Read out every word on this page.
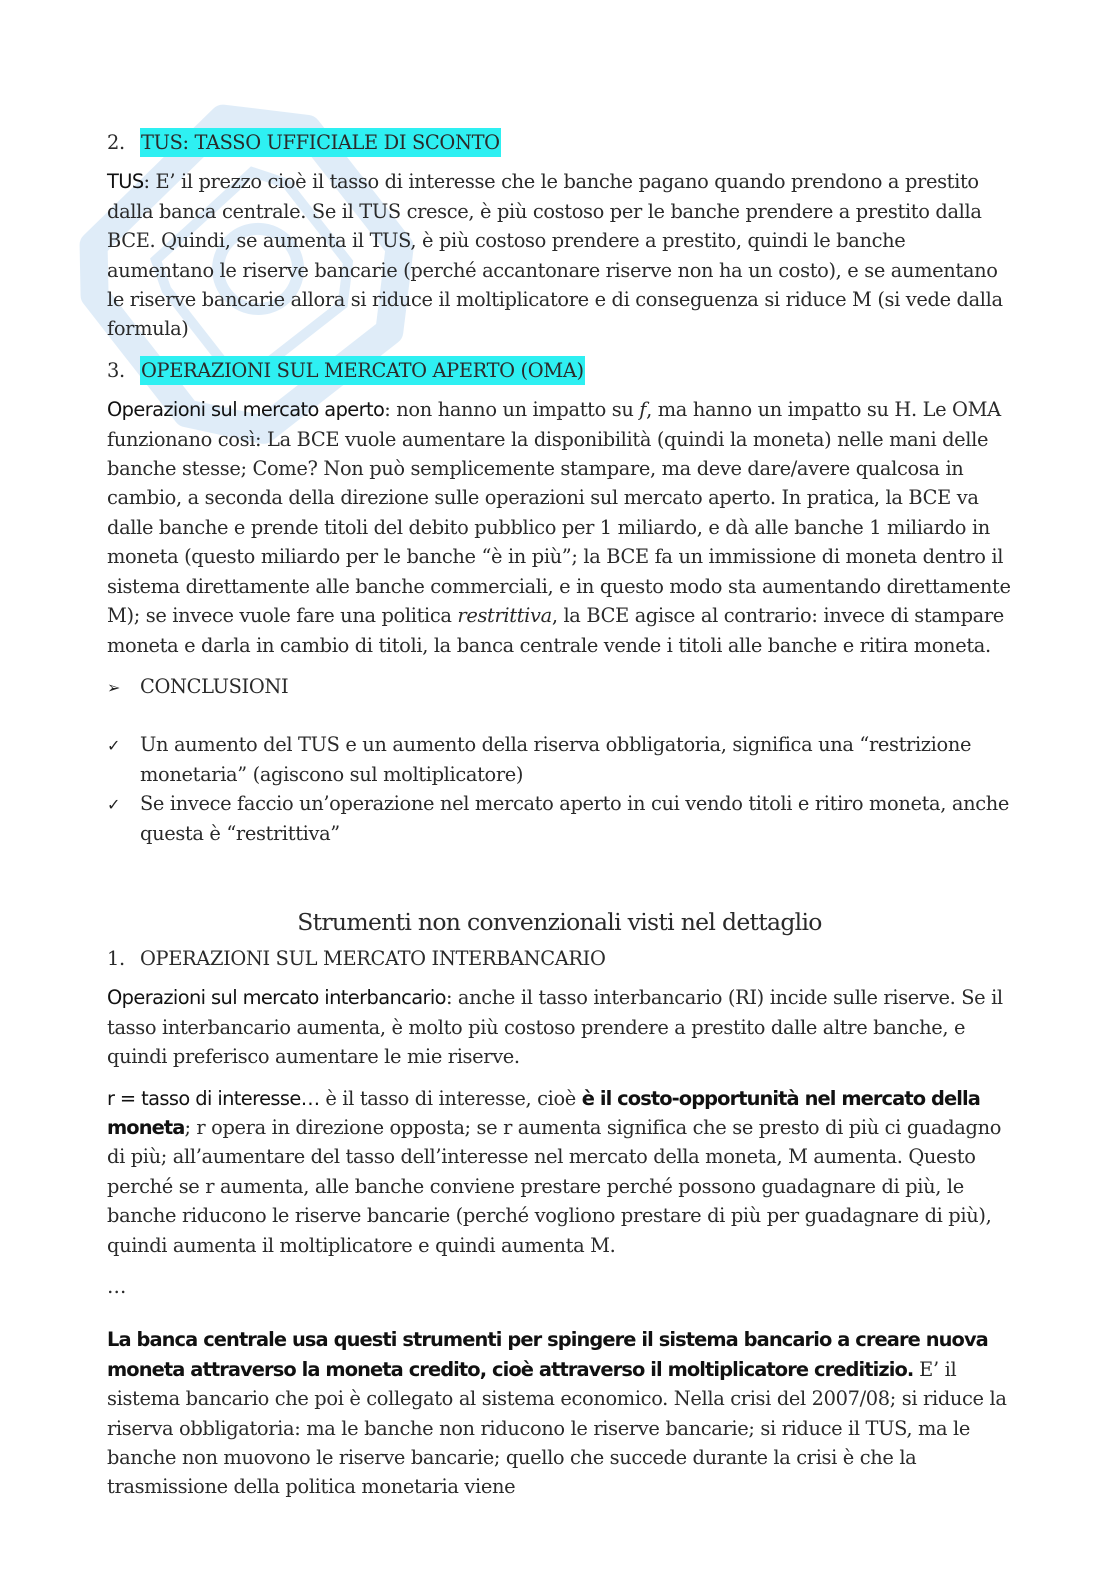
2. TUS: TASSO UFFICIALE DI SCONTO

TUS: E’ il prezzo cioè il tasso di interesse che le banche pagano quando prendono a prestito dalla banca centrale. Se il TUS cresce, è più costoso per le banche prendere a prestito dalla BCE. Quindi, se aumenta il TUS, è più costoso prendere a prestito, quindi le banche aumentano le riserve bancarie (perché accantonare riserve non ha un costo), e se aumentano le riserve bancarie allora si riduce il moltiplicatore e di conseguenza si riduce M (si vede dalla formula)

3. OPERAZIONI SUL MERCATO APERTO (OMA)

Operazioni sul mercato aperto: non hanno un impatto su f, ma hanno un impatto su H. Le OMA funzionano così: La BCE vuole aumentare la disponibilità (quindi la moneta) nelle mani delle banche stesse; Come? Non può semplicemente stampare, ma deve dare/avere qualcosa in cambio, a seconda della direzione sulle operazioni sul mercato aperto. In pratica, la BCE va dalle banche e prende titoli del debito pubblico per 1 miliardo, e dà alle banche 1 miliardo in moneta (questo miliardo per le banche “è in più”; la BCE fa un immissione di moneta dentro il sistema direttamente alle banche commerciali, e in questo modo sta aumentando direttamente M); se invece vuole fare una politica restrittiva, la BCE agisce al contrario: invece di stampare moneta e darla in cambio di titoli, la banca centrale vende i titoli alle banche e ritira moneta.

➢	CONCLUSIONI
✓	Un aumento del TUS e un aumento della riserva obbligatoria, significa una “restrizione monetaria” (agiscono sul moltiplicatore)
✓	Se invece faccio un’operazione nel mercato aperto in cui vendo titoli e ritiro moneta, anche questa è “restrittiva”

Strumenti non convenzionali visti nel dettaglio

1. OPERAZIONI SUL MERCATO INTERBANCARIO

Operazioni sul mercato interbancario: anche il tasso interbancario (RI) incide sulle riserve. Se il tasso interbancario aumenta, è molto più costoso prendere a prestito dalle altre banche, e quindi preferisco aumentare le mie riserve.

r = tasso di interesse… è il tasso di interesse, cioè è il costo-opportunità nel mercato della moneta; r opera in direzione opposta; se r aumenta significa che se presto di più ci guadagno di più; all’aumentare del tasso dell’interesse nel mercato della moneta, M aumenta. Questo perché se r aumenta, alle banche conviene prestare perché possono guadagnare di più, le banche riducono le riserve bancarie (perché vogliono prestare di più per guadagnare di più), quindi aumenta il moltiplicatore e quindi aumenta M.

…

La banca centrale usa questi strumenti per spingere il sistema bancario a creare nuova moneta attraverso la moneta credito, cioè attraverso il moltiplicatore creditizio. E’ il sistema bancario che poi è collegato al sistema economico. Nella crisi del 2007/08; si riduce la riserva obbligatoria: ma le banche non riducono le riserve bancarie; si riduce il TUS, ma le banche non muovono le riserve bancarie; quello che succede durante la crisi è che la trasmissione della politica monetaria viene
